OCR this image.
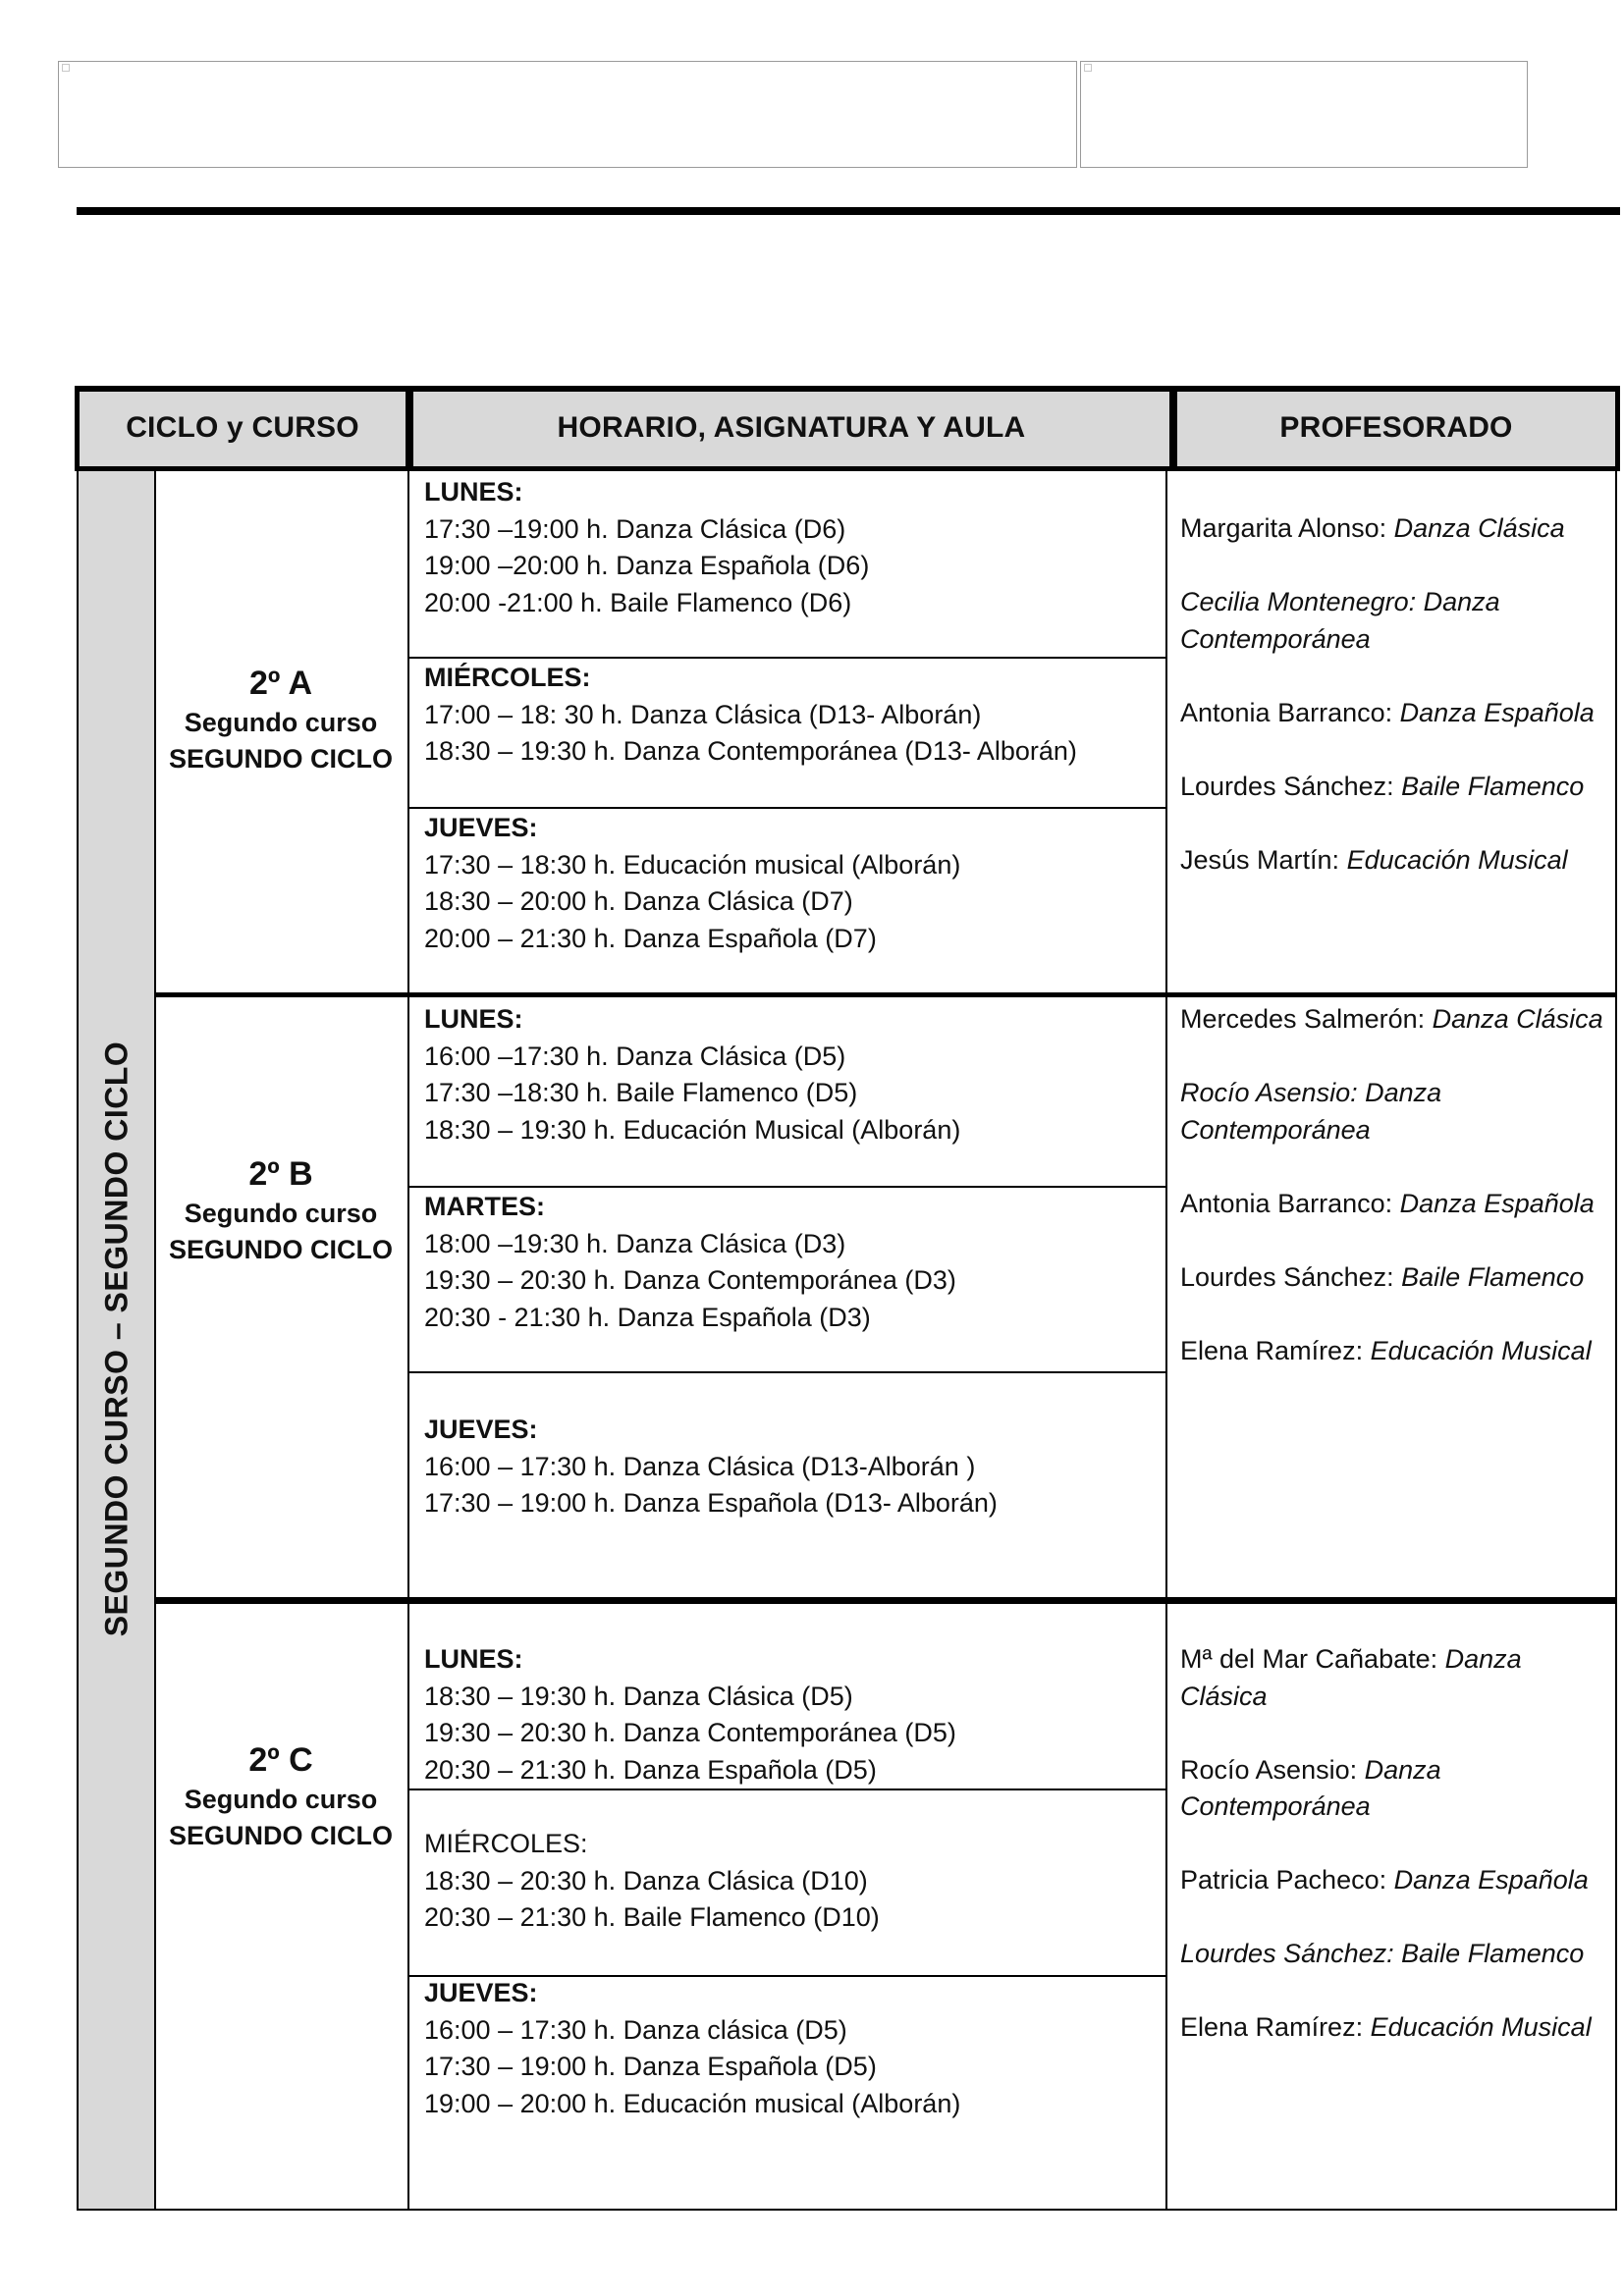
CICLO y CURSO	HORARIO, ASIGNATURA Y AULA	PROFESORADO
SEGUNDO CURSO – SEGUNDO CICLO
2º A
Segundo curso
SEGUNDO CICLO
LUNES:
17:30 –19:00 h. Danza Clásica (D6)
19:00 –20:00 h. Danza Española (D6)
20:00 -21:00 h. Baile Flamenco (D6)
MIÉRCOLES:
17:00 – 18: 30 h. Danza Clásica (D13- Alborán)
18:30 – 19:30 h. Danza Contemporánea (D13- Alborán)
JUEVES:
17:30 – 18:30 h. Educación musical (Alborán)
18:30 – 20:00 h. Danza Clásica (D7)
20:00 – 21:30 h. Danza Española (D7)
Margarita Alonso: Danza Clásica
Cecilia Montenegro: Danza Contemporánea
Antonia Barranco: Danza Española
Lourdes Sánchez: Baile Flamenco
Jesús Martín: Educación Musical
2º B
Segundo curso
SEGUNDO CICLO
LUNES:
16:00 –17:30 h. Danza Clásica (D5)
17:30 –18:30 h. Baile Flamenco (D5)
18:30 – 19:30 h. Educación Musical (Alborán)
MARTES:
18:00 –19:30 h. Danza Clásica (D3)
19:30 – 20:30 h. Danza Contemporánea (D3)
20:30 - 21:30 h. Danza Española (D3)
JUEVES:
16:00 – 17:30 h. Danza Clásica (D13-Alborán )
17:30 – 19:00 h. Danza Española (D13- Alborán)
Mercedes Salmerón: Danza Clásica
Rocío Asensio: Danza Contemporánea
Antonia Barranco: Danza Española
Lourdes Sánchez: Baile Flamenco
Elena Ramírez: Educación Musical
2º C
Segundo curso
SEGUNDO CICLO
LUNES:
18:30 – 19:30 h. Danza Clásica (D5)
19:30 – 20:30 h. Danza Contemporánea (D5)
20:30 – 21:30 h. Danza Española (D5)
MIÉRCOLES:
18:30 – 20:30 h. Danza Clásica (D10)
20:30 – 21:30 h. Baile Flamenco (D10)
JUEVES:
16:00 – 17:30 h. Danza clásica (D5)
17:30 – 19:00 h. Danza Española (D5)
19:00 – 20:00 h. Educación musical (Alborán)
Mª del Mar Cañabate: Danza Clásica
Rocío Asensio: Danza Contemporánea
Patricia Pacheco: Danza Española
Lourdes Sánchez: Baile Flamenco
Elena Ramírez: Educación Musical
